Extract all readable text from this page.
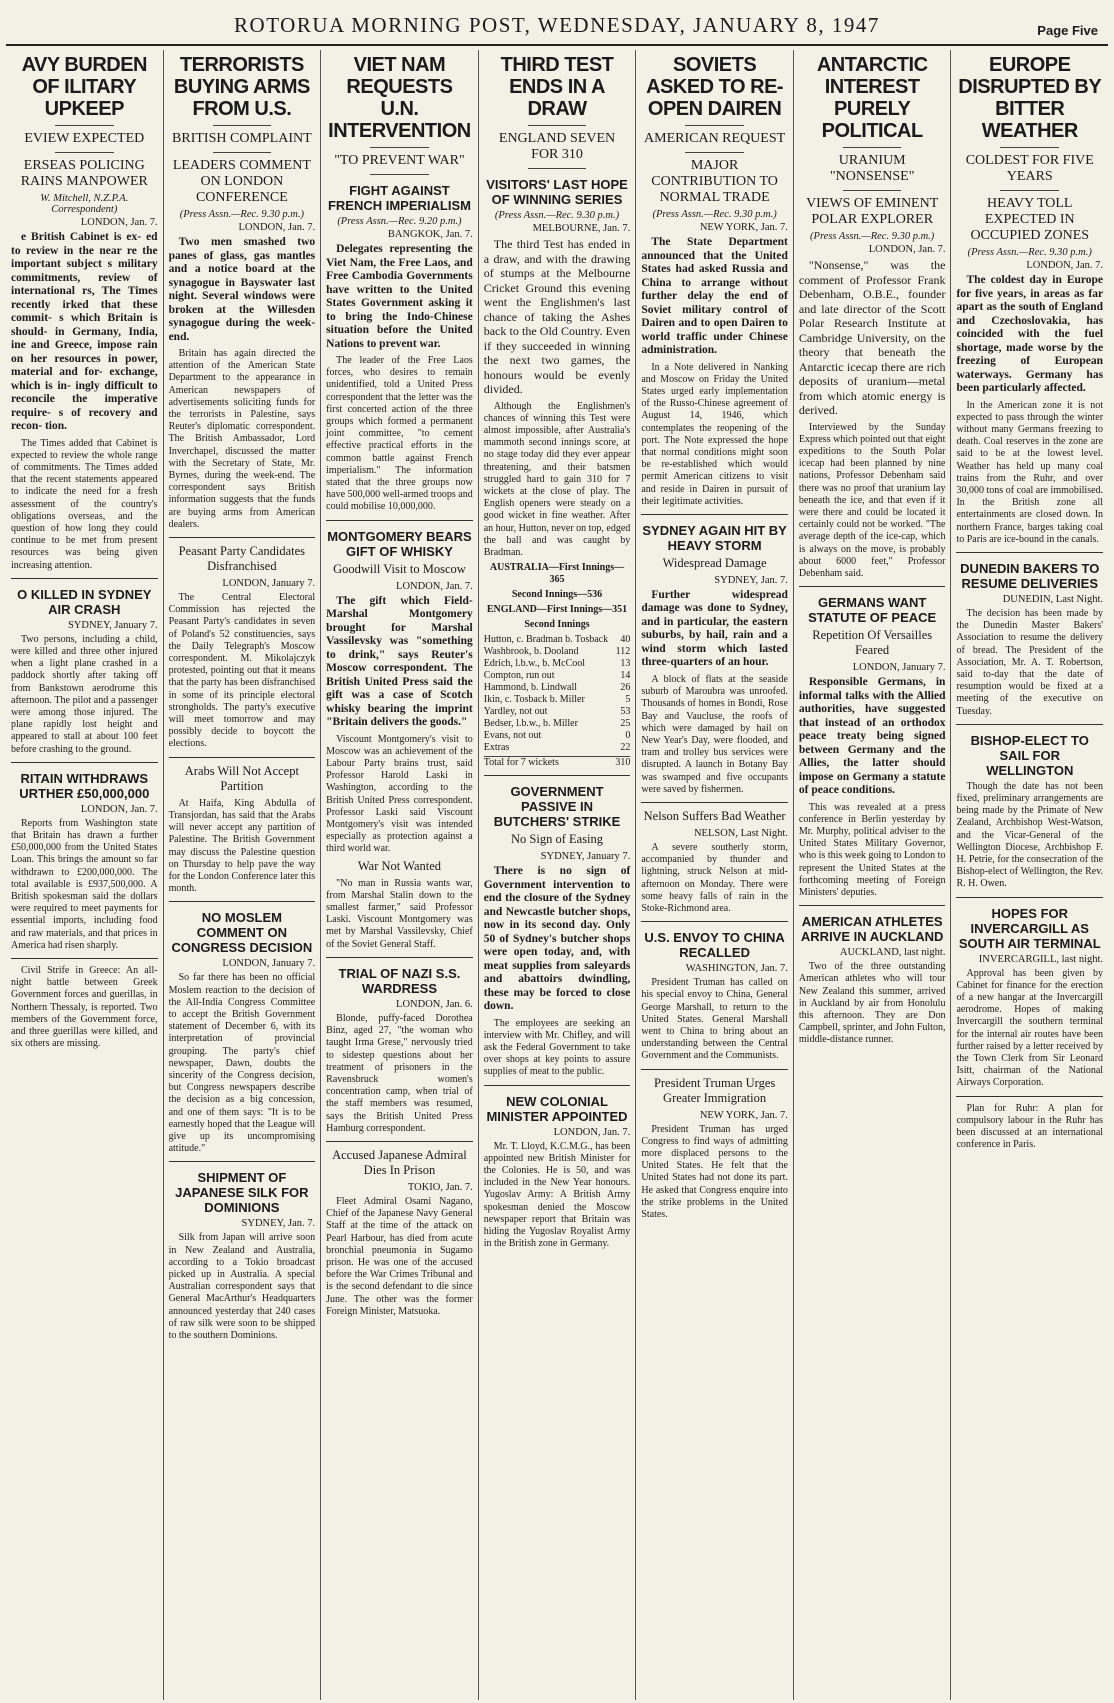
ROTORUA MORNING POST, WEDNESDAY, JANUARY 8, 1947	Page Five
AVY BURDEN OF ILITARY UPKEEP
EVIEW EXPECTED
ERSEAS POLICING RAINS MANPOWER
W. Mitchell, N.Z.P.A. Correspondent)
LONDON, Jan. 7.

e British Cabinet is ex- ed to review in the near re the important subject s military commitments, review of international rs, The Times recently irked that these commit- s which Britain is should- in Germany, India, ine and Greece, impose rain on her resources in power, material and for- exchange, which is in- ingly difficult to reconcile the imperative require- s of recovery and recon- tion.

The Times added that Cabinet is expected to review the whole range of commitments. The Times added that the recent statements appeared to indicate the need for a fresh assessment of the country's obligations overseas, and the question of how long they could continue to be met from present resources was being given increasing attention.

O KILLED IN SYDNEY AIR CRASH
SYDNEY, January 7.

Two persons, including a child, were killed and three other injured when a light plane crashed in a paddock shortly after taking off from Bankstown aerodrome this afternoon. The pilot and a passenger were among those injured. The plane rapidly lost height and appeared to stall at about 100 feet before crashing to the ground.

RITAIN WITHDRAWS URTHER £50,000,000
LONDON, Jan. 7.

Reports from Washington state that Britain has drawn a further £50,000,000 from the United States Loan. This brings the amount so far withdrawn to £200,000,000. The total available is £937,500,000. A British spokesman said the dollars were required to meet payments for essential imports, including food and raw materials, and that prices in America had risen sharply.

Civil Strife in Greece: An all-night battle between Greek Government forces and guerillas, in Northern Thessaly, is reported. Two members of the Government force, and three guerillas were killed, and six others are missing.

TERRORISTS BUYING ARMS FROM U.S.
BRITISH COMPLAINT
LEADERS COMMENT ON LONDON CONFERENCE
(Press Assn.—Rec. 9.30 p.m.)
LONDON, Jan. 7.

Two men smashed two panes of glass, gas mantles and a notice board at the synagogue in Bayswater last night. Several windows were broken at the Willesden synagogue during the week-end.

Britain has again directed the attention of the American State Department to the appearance in American newspapers of advertisements soliciting funds for the terrorists in Palestine, says Reuter's diplomatic correspondent. The British Ambassador, Lord Inverchapel, discussed the matter with the Secretary of State, Mr. Byrnes, during the week-end. The correspondent says British information suggests that the funds are buying arms from American dealers.

Peasant Party Candidates Disfranchised
LONDON, January 7.

The Central Electoral Commission has rejected the Peasant Party's candidates in seven of Poland's 52 constituencies, says the Daily Telegraph's Moscow correspondent. M. Mikolajczyk protested, pointing out that it means that the party has been disfranchised in some of its principle electoral strongholds. The party's executive will meet tomorrow and may possibly decide to boycott the elections.

Arabs Will Not Accept Partition

At Haifa, King Abdulla of Transjordan, has said that the Arabs will never accept any partition of Palestine. The British Government may discuss the Palestine question on Thursday to help pave the way for the London Conference later this month.

NO MOSLEM COMMENT ON CONGRESS DECISION
LONDON, January 7.

So far there has been no official Moslem reaction to the decision of the All-India Congress Committee to accept the British Government statement of December 6, with its interpretation of provincial grouping. The party's chief newspaper, Dawn, doubts the sincerity of the Congress decision, but Congress newspapers describe the decision as a big concession, and one of them says: "It is to be earnestly hoped that the League will give up its uncompromising attitude."

SHIPMENT OF JAPANESE SILK FOR DOMINIONS
SYDNEY, Jan. 7.

Silk from Japan will arrive soon in New Zealand and Australia, according to a Tokio broadcast picked up in Australia. A special Australian correspondent says that General MacArthur's Headquarters announced yesterday that 240 cases of raw silk were soon to be shipped to the southern Dominions.

VIET NAM REQUESTS U.N. INTERVENTION
"TO PREVENT WAR"
FIGHT AGAINST FRENCH IMPERIALISM
(Press Assn.—Rec. 9.20 p.m.)
BANGKOK, Jan. 7.

Delegates representing the Viet Nam, the Free Laos, and Free Cambodia Governments have written to the United States Government asking it to bring the Indo-Chinese situation before the United Nations to prevent war.

The leader of the Free Laos forces, who desires to remain unidentified, told a United Press correspondent that the letter was the first concerted action of the three groups which formed a permanent joint committee, "to cement effective practical efforts in the common battle against French imperialism." The information stated that the three groups now have 500,000 well-armed troops and could mobilise 10,000,000.

MONTGOMERY BEARS GIFT OF WHISKY
Goodwill Visit to Moscow
LONDON, Jan. 7.

The gift which Field-Marshal Montgomery brought for Marshal Vassilevsky was "something to drink," says Reuter's Moscow correspondent. The British United Press said the gift was a case of Scotch whisky bearing the imprint "Britain delivers the goods."

Viscount Montgomery's visit to Moscow was an achievement of the Labour Party brains trust, said Professor Harold Laski in Washington, according to the British United Press correspondent. Professor Laski said Viscount Montgomery's visit was intended especially as protection against a third world war.

War Not Wanted

"No man in Russia wants war, from Marshal Stalin down to the smallest farmer," said Professor Laski. Viscount Montgomery was met by Marshal Vassilevsky, Chief of the Soviet General Staff.

TRIAL OF NAZI S.S. WARDRESS
LONDON, Jan. 6.

Blonde, puffy-faced Dorothea Binz, aged 27, "the woman who taught Irma Grese," nervously tried to sidestep questions about her treatment of prisoners in the Ravensbruck women's concentration camp, when trial of the staff members was resumed, says the British United Press Hamburg correspondent.

Accused Japanese Admiral Dies In Prison
TOKIO, Jan. 7.

Fleet Admiral Osami Nagano, Chief of the Japanese Navy General Staff at the time of the attack on Pearl Harbour, has died from acute bronchial pneumonia in Sugamo prison. He was one of the accused before the War Crimes Tribunal and is the second defendant to die since June. The other was the former Foreign Minister, Matsuoka.

THIRD TEST ENDS IN A DRAW
ENGLAND SEVEN FOR 310
VISITORS' LAST HOPE OF WINNING SERIES
(Press Assn.—Rec. 9.30 p.m.)
MELBOURNE, Jan. 7.

The third Test has ended in a draw, and with the drawing of stumps at the Melbourne Cricket Ground this evening went the Englishmen's last chance of taking the Ashes back to the Old Country. Even if they succeeded in winning the next two games, the honours would be evenly divided.

Although the Englishmen's chances of winning this Test were almost impossible, after Australia's mammoth second innings score, at no stage today did they ever appear threatening, and their batsmen struggled hard to gain 310 for 7 wickets at the close of play. The English openers were steady on a good wicket in fine weather. After an hour, Hutton, never on top, edged the ball and was caught by Bradman.

AUSTRALIA—First Innings—365
Second Innings—536
ENGLAND—First Innings—351
Second Innings
Hutton, c. Bradman b. Tosback 40
Washbrook, b. Dooland	112
Edrich, l.b.w., b. McCool	13
Compton, run out	14
Hammond, b. Lindwall	26
Ikin, c. Tosback b. Miller	5
Yardley, not out	53
Bedser, l.b.w., b. Miller	25
Evans, not out	0
Extras	22
Total for 7 wickets	310
GOVERNMENT PASSIVE IN BUTCHERS' STRIKE
No Sign of Easing
SYDNEY, January 7.

There is no sign of Government intervention to end the closure of the Sydney and Newcastle butcher shops, now in its second day. Only 50 of Sydney's butcher shops were open today, and, with meat supplies from saleyards and abattoirs dwindling, these may be forced to close down.

The employees are seeking an interview with Mr. Chifley, and will ask the Federal Government to take over shops at key points to assure supplies of meat to the public.

NEW COLONIAL MINISTER APPOINTED
LONDON, Jan. 7.

Mr. T. Lloyd, K.C.M.G., has been appointed new British Minister for the Colonies. He is 50, and was included in the New Year honours. Yugoslav Army: A British Army spokesman denied the Moscow newspaper report that Britain was hiding the Yugoslav Royalist Army in the British zone in Germany.

SOVIETS ASKED TO RE-OPEN DAIREN
AMERICAN REQUEST
MAJOR CONTRIBUTION TO NORMAL TRADE
(Press Assn.—Rec. 9.30 p.m.)
NEW YORK, Jan. 7.

The State Department announced that the United States had asked Russia and China to arrange without further delay the end of Soviet military control of Dairen and to open Dairen to world traffic under Chinese administration.

In a Note delivered in Nanking and Moscow on Friday the United States urged early implementation of the Russo-Chinese agreement of August 14, 1946, which contemplates the reopening of the port. The Note expressed the hope that normal conditions might soon be re-established which would permit American citizens to visit and reside in Dairen in pursuit of their legitimate activities.

SYDNEY AGAIN HIT BY HEAVY STORM
Widespread Damage
SYDNEY, Jan. 7.

Further widespread damage was done to Sydney, and in particular, the eastern suburbs, by hail, rain and a wind storm which lasted three-quarters of an hour.

A block of flats at the seaside suburb of Maroubra was unroofed. Thousands of homes in Bondi, Rose Bay and Vaucluse, the roofs of which were damaged by hail on New Year's Day, were flooded, and tram and trolley bus services were disrupted. A launch in Botany Bay was swamped and five occupants were saved by fishermen.

Nelson Suffers Bad Weather
NELSON, Last Night.

A severe southerly storm, accompanied by thunder and lightning, struck Nelson at mid-afternoon on Monday. There were some heavy falls of rain in the Stoke-Richmond area.

U.S. ENVOY TO CHINA RECALLED
WASHINGTON, Jan. 7.

President Truman has called on his special envoy to China, General George Marshall, to return to the United States. General Marshall went to China to bring about an understanding between the Central Government and the Communists.

President Truman Urges Greater Immigration
NEW YORK, Jan. 7.

President Truman has urged Congress to find ways of admitting more displaced persons to the United States. He felt that the United States had not done its part. He asked that Congress enquire into the strike problems in the United States.

ANTARCTIC INTEREST PURELY POLITICAL
URANIUM "NONSENSE"
VIEWS OF EMINENT POLAR EXPLORER
(Press Assn.—Rec. 9.30 p.m.)
LONDON, Jan. 7.

"Nonsense," was the comment of Professor Frank Debenham, O.B.E., founder and late director of the Scott Polar Research Institute at Cambridge University, on the theory that beneath the Antarctic icecap there are rich deposits of uranium—metal from which atomic energy is derived.

Interviewed by the Sunday Express which pointed out that eight expeditions to the South Polar icecap had been planned by nine nations, Professor Debenham said there was no proof that uranium lay beneath the ice, and that even if it were there and could be located it certainly could not be worked. "The average depth of the ice-cap, which is always on the move, is probably about 6000 feet," Professor Debenham said.

GERMANS WANT STATUTE OF PEACE
Repetition Of Versailles Feared
LONDON, January 7.

Responsible Germans, in informal talks with the Allied authorities, have suggested that instead of an orthodox peace treaty being signed between Germany and the Allies, the latter should impose on Germany a statute of peace conditions.

This was revealed at a press conference in Berlin yesterday by Mr. Murphy, political adviser to the United States Military Governor, who is this week going to London to represent the United States at the forthcoming meeting of Foreign Ministers' deputies.

AMERICAN ATHLETES ARRIVE IN AUCKLAND
AUCKLAND, last night.

Two of the three outstanding American athletes who will tour New Zealand this summer, arrived in Auckland by air from Honolulu this afternoon. They are Don Campbell, sprinter, and John Fulton, middle-distance runner.

EUROPE DISRUPTED BY BITTER WEATHER
COLDEST FOR FIVE YEARS
HEAVY TOLL EXPECTED IN OCCUPIED ZONES
(Press Assn.—Rec. 9.30 p.m.)
LONDON, Jan. 7.

The coldest day in Europe for five years, in areas as far apart as the south of England and Czechoslovakia, has coincided with the fuel shortage, made worse by the freezing of European waterways. Germany has been particularly affected.

In the American zone it is not expected to pass through the winter without many Germans freezing to death. Coal reserves in the zone are said to be at the lowest level. Weather has held up many coal trains from the Ruhr, and over 30,000 tons of coal are immobilised. In the British zone all entertainments are closed down. In northern France, barges taking coal to Paris are ice-bound in the canals.

DUNEDIN BAKERS TO RESUME DELIVERIES
DUNEDIN, Last Night.

The decision has been made by the Dunedin Master Bakers' Association to resume the delivery of bread. The President of the Association, Mr. A. T. Robertson, said to-day that the date of resumption would be fixed at a meeting of the executive on Tuesday.

BISHOP-ELECT TO SAIL FOR WELLINGTON

Though the date has not been fixed, preliminary arrangements are being made by the Primate of New Zealand, Archbishop West-Watson, and the Vicar-General of the Wellington Diocese, Archbishop F. H. Petrie, for the consecration of the Bishop-elect of Wellington, the Rev. R. H. Owen.

HOPES FOR INVERCARGILL AS SOUTH AIR TERMINAL
INVERCARGILL, last night.

Approval has been given by Cabinet for finance for the erection of a new hangar at the Invercargill aerodrome. Hopes of making Invercargill the southern terminal for the internal air routes have been further raised by a letter received by the Town Clerk from Sir Leonard Isitt, chairman of the National Airways Corporation.

Plan for Ruhr: A plan for compulsory labour in the Ruhr has been discussed at an international conference in Paris.
